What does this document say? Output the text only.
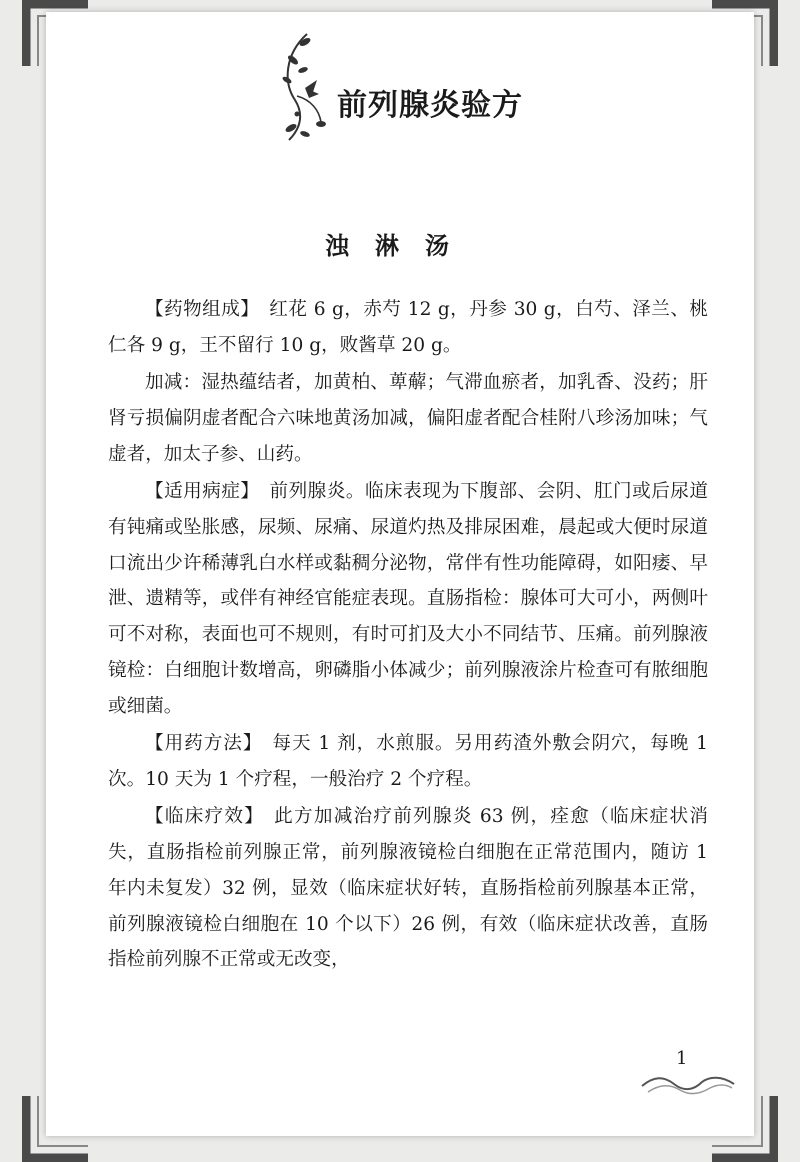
前列腺炎验方
浊淋汤

【药物组成】 红花 6 g，赤芍 12 g，丹参 30 g，白芍、泽兰、桃仁各 9 g，王不留行 10 g，败酱草 20 g。

加减：湿热蕴结者，加黄柏、萆薢；气滞血瘀者，加乳香、没药；肝肾亏损偏阴虚者配合六味地黄汤加减，偏阳虚者配合桂附八珍汤加味；气虚者，加太子参、山药。

【适用病症】 前列腺炎。临床表现为下腹部、会阴、肛门或后尿道有钝痛或坠胀感，尿频、尿痛、尿道灼热及排尿困难，晨起或大便时尿道口流出少许稀薄乳白水样或黏稠分泌物，常伴有性功能障碍，如阳痿、早泄、遗精等，或伴有神经官能症表现。直肠指检：腺体可大可小，两侧叶可不对称，表面也可不规则，有时可扪及大小不同结节、压痛。前列腺液镜检：白细胞计数增高，卵磷脂小体减少；前列腺液涂片检查可有脓细胞或细菌。

【用药方法】 每天 1 剂，水煎服。另用药渣外敷会阴穴，每晚 1 次。10 天为 1 个疗程，一般治疗 2 个疗程。

【临床疗效】 此方加减治疗前列腺炎 63 例，痊愈（临床症状消失，直肠指检前列腺正常，前列腺液镜检白细胞在正常范围内，随访 1 年内未复发）32 例，显效（临床症状好转，直肠指检前列腺基本正常，前列腺液镜检白细胞在 10 个以下）26 例，有效（临床症状改善，直肠指检前列腺不正常或无改变，

1
